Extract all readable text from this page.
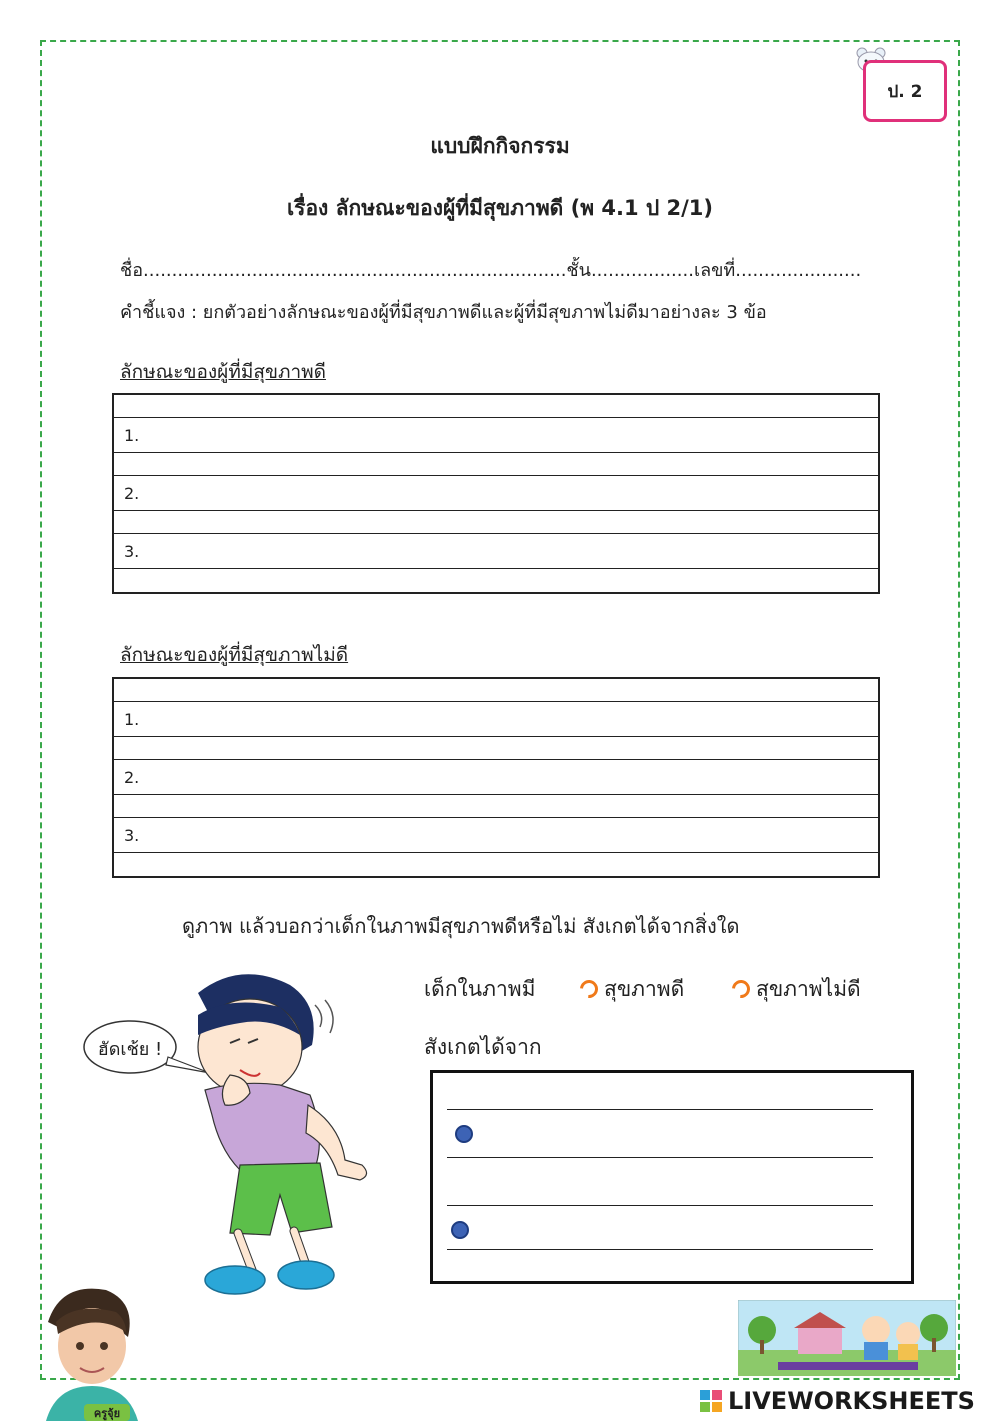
ป. 2
แบบฝึกกิจกรรม
เรื่อง ลักษณะของผู้ที่มีสุขภาพดี (พ 4.1 ป 2/1)
ชื่อ..........................................................................ชั้น..................เลขที่......................
คำชี้แจง : ยกตัวอย่างลักษณะของผู้ที่มีสุขภาพดีและผู้ที่มีสุขภาพไม่ดีมาอย่างละ 3 ข้อ
ลักษณะของผู้ที่มีสุขภาพดี
1.
2.
3.
ลักษณะของผู้ที่มีสุขภาพไม่ดี
1.
2.
3.
ดูภาพ แล้วบอกว่าเด็กในภาพมีสุขภาพดีหรือไม่ สังเกตได้จากสิ่งใด
เด็กในภาพมี	สุขภาพดี	สุขภาพไม่ดี
สังเกตได้จาก
ฮัดเช้ย !
ครูจุ้ย	LIVEWORKSHEETS
